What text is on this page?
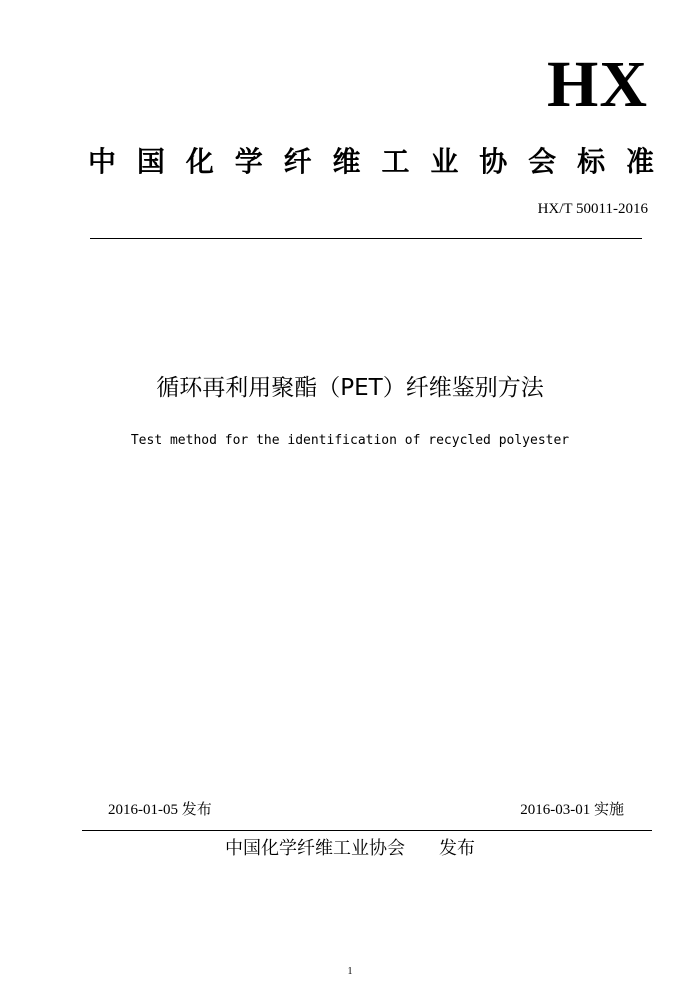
HX
中 国 化 学 纤 维 工 业 协 会 标 准
HX/T 50011-2016
循环再利用聚酯（PET）纤维鉴别方法
Test method for the identification of recycled polyester
2016-01-05 发布	2016-03-01 实施
中国化学纤维工业协会 发布
1
